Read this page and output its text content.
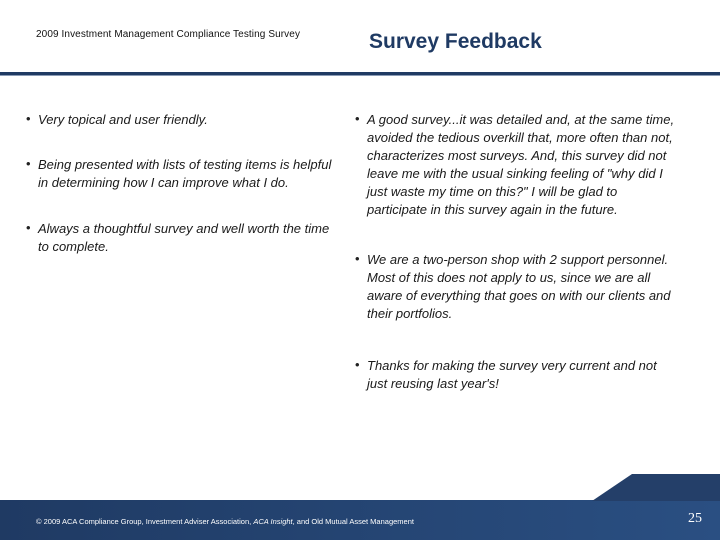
2009 Investment Management Compliance Testing Survey	Survey Feedback
• Very topical and user friendly.
• Being presented with lists of testing items is helpful in determining how I can improve what I do.
• Always a thoughtful survey and well worth the time to complete.
• A good survey...it was detailed and, at the same time, avoided the tedious overkill that, more often than not, characterizes most surveys. And, this survey did not leave me with the usual sinking feeling of "why did I just waste my time on this?" I will be glad to participate in this survey again in the future.
• We are a two-person shop with 2 support personnel. Most of this does not apply to us, since we are all aware of everything that goes on with our clients and their portfolios.
• Thanks for making the survey very current and not just reusing last year's!
© 2009 ACA Compliance Group, Investment Adviser Association, ACA Insight, and Old Mutual Asset Management	25
